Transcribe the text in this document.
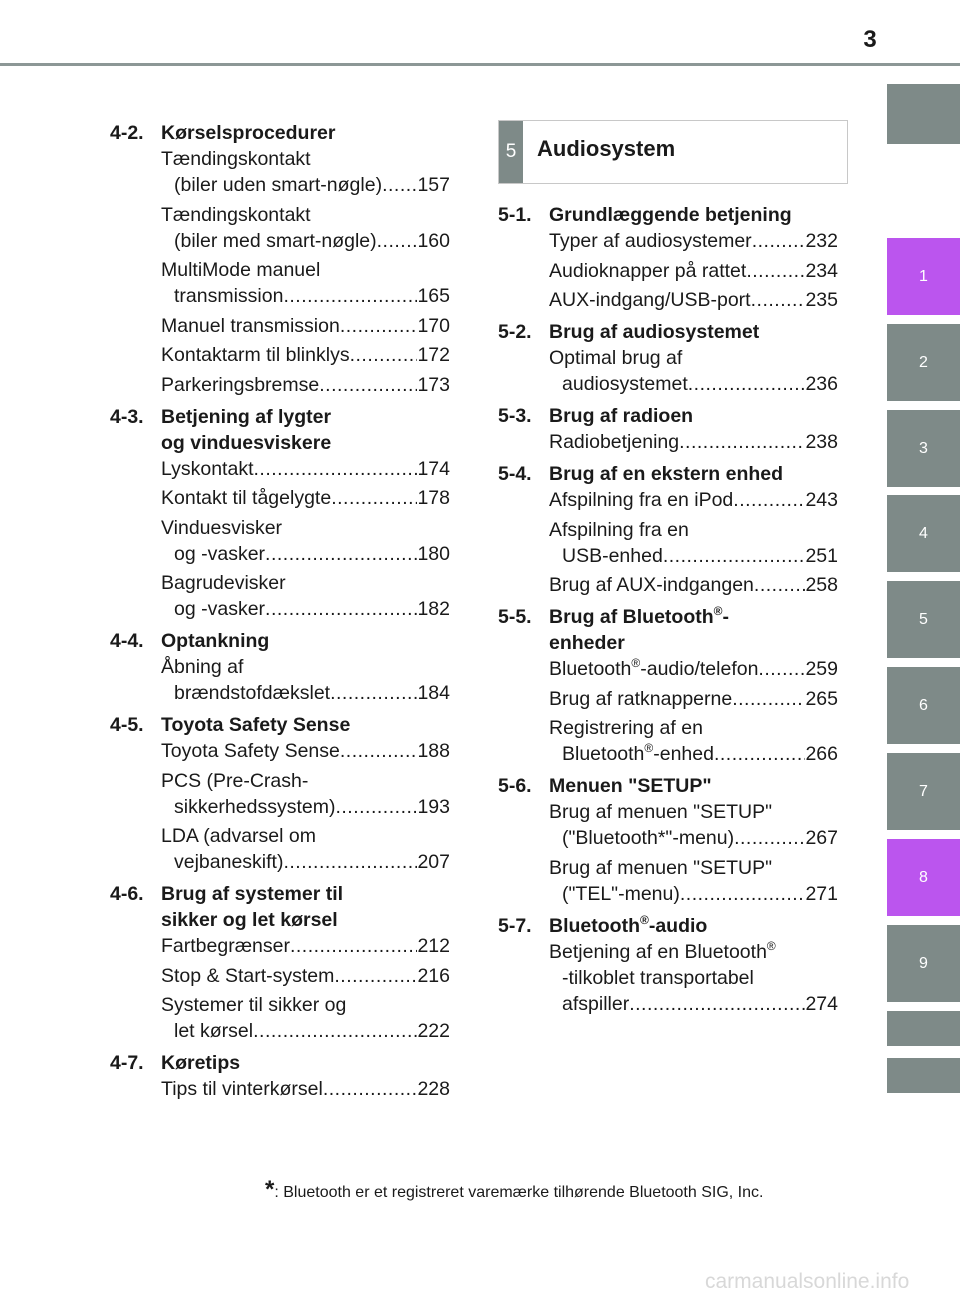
3
1
2
3
4
5
6
7
8
9
4-2. Kørselsprocedurer
Tændingskontakt
(biler uden smart-nøgle) ..... 157
Tændingskontakt
(biler med smart-nøgle) ..... 160
MultiMode manuel
transmission .....	165
Manuel transmission .....	170
Kontaktarm til blinklys .....	172
Parkeringsbremse .....	173
4-3. Betjening af lygter
og vinduesviskere
Lyskontakt .....	174
Kontakt til tågelygte .....	178
Vinduesvisker
og -vasker .....	180
Bagrudevisker
og -vasker .....	182
4-4. Optankning
Åbning af
brændstofdækslet .....	184
4-5. Toyota Safety Sense
Toyota Safety Sense .....	188
PCS (Pre-Crash-
sikkerhedssystem) .....	193
LDA (advarsel om
vejbaneskift) .....	207
4-6. Brug af systemer til
sikker og let kørsel
Fartbegrænser .....	212
Stop & Start-system .....	216
Systemer til sikker og
let kørsel .....	222
4-7. Køretips
Tips til vinterkørsel .....	228
5 Audiosystem
5-1. Grundlæggende betjening
Typer af audiosystemer .....	232
Audioknapper på rattet .....	234
AUX-indgang/USB-port .....	235
5-2. Brug af audiosystemet
Optimal brug af
audiosystemet .....	236
5-3. Brug af radioen
Radiobetjening .....	238
5-4. Brug af en ekstern enhed
Afspilning fra en iPod .....	243
Afspilning fra en
USB-enhed .....	251
Brug af AUX-indgangen .....	258
5-5. Brug af Bluetooth®-
enheder
Bluetooth®-audio/telefon ..... 259
Brug af ratknapperne .....	265
Registrering af en
Bluetooth®-enhed .....	266
5-6. Menuen "SETUP"
Brug af menuen "SETUP"
("Bluetooth*"-menu) .....	267
Brug af menuen "SETUP"
("TEL"-menu) .....	271
5-7. Bluetooth®-audio
Betjening af en Bluetooth®
-tilkoblet transportabel
afspiller .....	274
*: Bluetooth er et registreret varemærke tilhørende Bluetooth SIG, Inc.
carmanualsonline.info
